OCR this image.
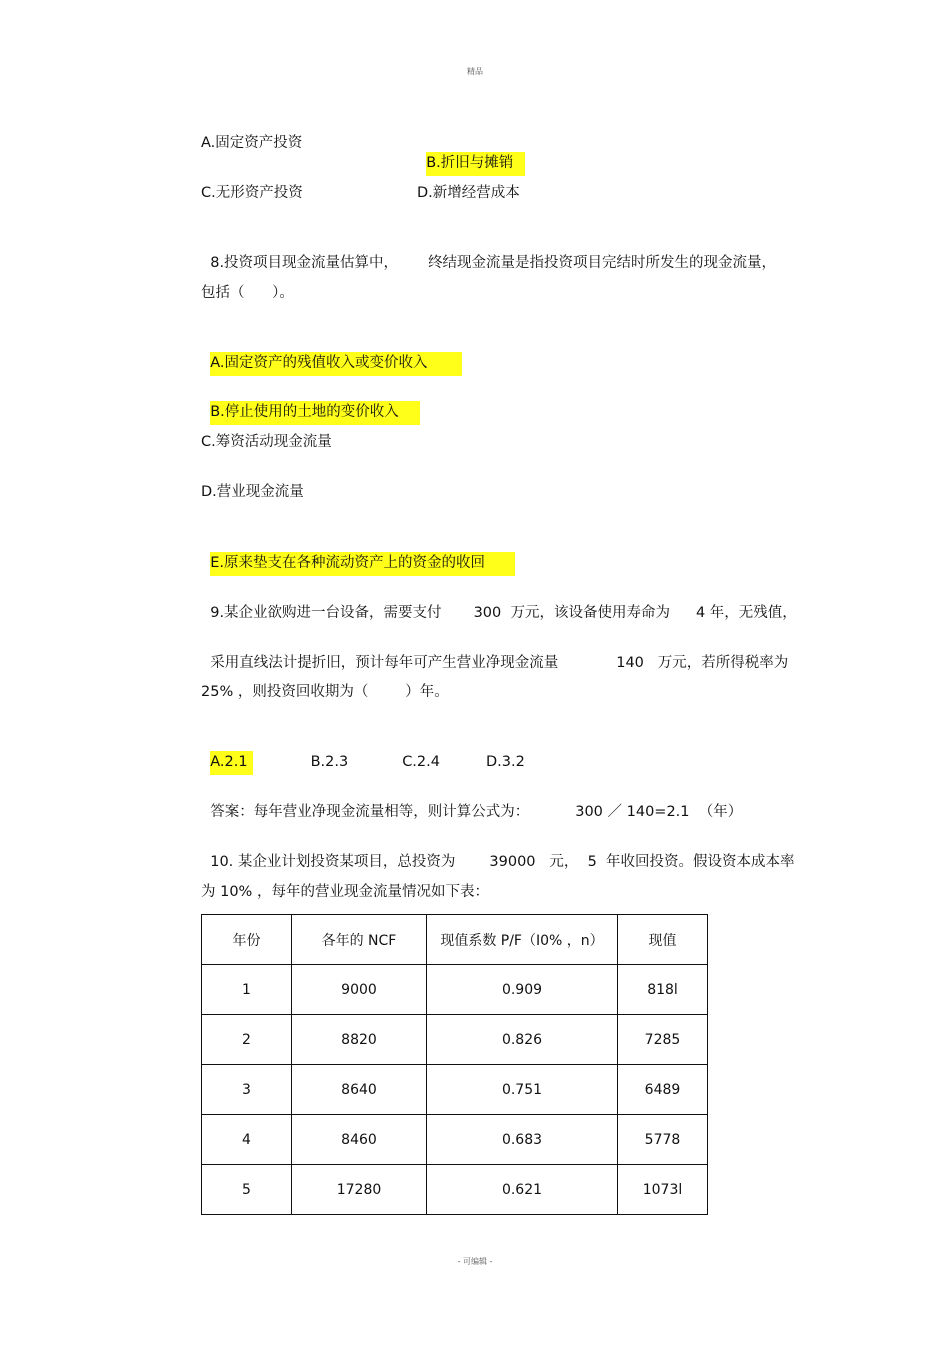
精品
A.固定资产投资

B.折旧与摊销

C.无形资产投资	D.新增经营成本

8.投资项目现金流量估算中， 终结现金流量是指投资项目完结时所发生的现金流量，

包括（      ）。

A.固定资产的残值收入或变价收入

B.停止使用的土地的变价收入

C.筹资活动现金流量
D.营业现金流量

E.原来垫支在各种流动资产上的资金的收回

9.某企业欲购进一台设备，需要支付 300  万元，该设备使用寿命为 4 年，无残值，

采用直线法计提折旧，预计每年可产生营业净现金流量	140   万元，若所得税率为

25% ，则投资回收期为（        ）年。

A.2.1	B.2.3	C.2.4	D.3.2

答案：每年营业净现金流量相等，则计算公式为：	300 ／ 140=2.1  （年）

10. 某企业计划投资某项目，总投资为 39000   元，  5  年收回投资。假设资本成本率

为 10% ，每年的营业现金流量情况如下表：
年份	各年的 NCF	现值系数 P/F（I0% ，n）	现值
1	9000	0.909	818l
2	8820	0.826	7285
3	8640	0.751	6489
4	8460	0.683	5778
5	17280	0.621	1073l
- 可编辑 -
